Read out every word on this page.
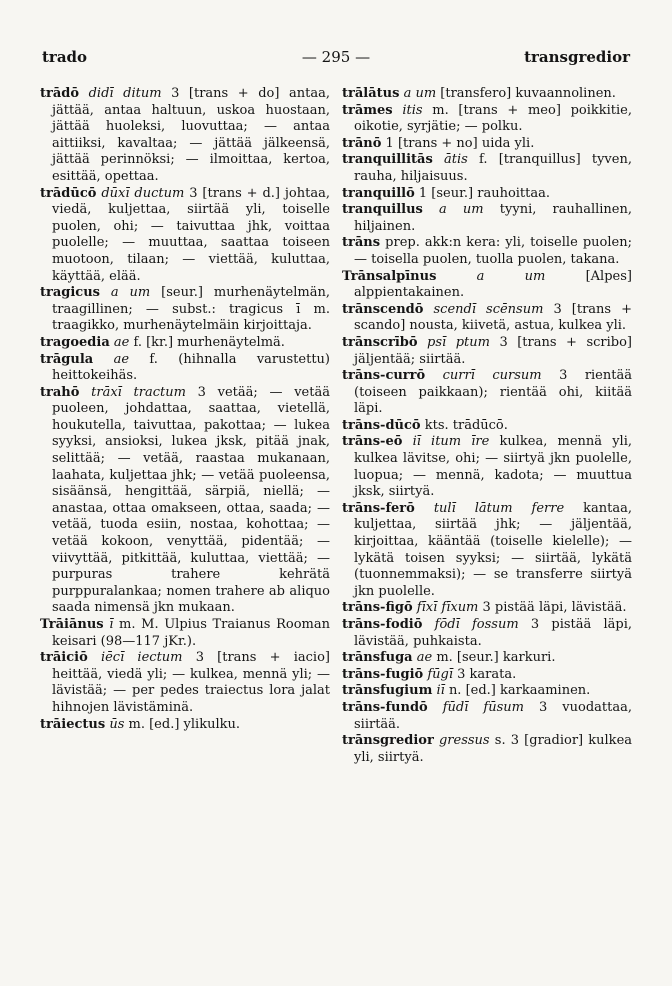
trado	— 295 —	transgredior

trādō didī ditum 3 [trans + do] antaa, jättää, antaa haltuun, uskoa huostaan, jättää huoleksi, luovuttaa; — antaa aittiiksi, kavaltaa; — jättää jälkeensä, jättää perinnöksi; — ilmoittaa, kertoa, esittää, opettaa.

trādūcō dūxī ductum 3 [trans + d.] johtaa, viedä, kuljettaa, siirtää yli, toiselle puolen, ohi; — taivuttaa jhk, voittaa puolelle; — muuttaa, saattaa toiseen muotoon, tilaan; — viettää, kuluttaa, käyttää, elää.

tragicus a um [seur.] murhenäytelmän, traagillinen; — subst.: tragicus ī m. traagikko, murhenäytelmäin kirjoittaja.

tragoedia ae f. [kr.] murhenäytelmä.

trāgula ae f. (hihnalla varustettu) heittokeihäs.

trahō trāxī tractum 3 vetää; — vetää puoleen, johdattaa, saattaa, vietellä, houkutella, taivuttaa, pakottaa; — lukea syyksi, ansioksi, lukea jksk, pitää jnak, selittää; — vetää, raastaa mukanaan, laahata, kuljettaa jhk; — vetää puoleensa, sisäänsä, hengittää, särpiä, niellä; — anastaa, ottaa omakseen, ottaa, saada; — vetää, tuoda esiin, nostaa, kohottaa; — vetää kokoon, venyttää, pidentää; — viivyttää, pitkittää, kuluttaa, viettää; — purpuras trahere kehrätä purppuralankaa; nomen trahere ab aliquo saada nimensä jkn mukaan.

Trāiānus ī m. M. Ulpius Traianus Rooman keisari (98—117 jKr.).

trāiciō iēcī iectum 3 [trans + iacio] heittää, viedä yli; — kulkea, mennä yli; — lävistää; — per pedes traiectus lora jalat hihnojen lävistäminä.

trāiectus ūs m. [ed.] ylikulku.

trālātus a um [transfero] kuvaannolinen.

trāmes itis m. [trans + meo] poikkitie, oikotie, syrjätie; — polku.

trānō 1 [trans + no] uida yli.

tranquillitās ātis f. [tranquillus] tyven, rauha, hiljaisuus.

tranquillō 1 [seur.] rauhoittaa.

tranquillus a um tyyni, rauhallinen, hiljainen.

trāns prep. akk:n kera: yli, toiselle puolen; — toisella puolen, tuolla puolen, takana.

Trānsalpīnus	a um	[Alpes] alppientakainen.

trānscendō scendī scēnsum 3 [trans + scando] nousta, kiivetä, astua, kulkea yli.

trānscrībō psī ptum 3 [trans + scribo] jäljentää; siirtää.

trāns-currō currī cursum 3 rientää (toiseen paikkaan); rientää ohi, kiitää läpi.

trāns-dūcō kts. trādūcō.

trāns-eō iī itum īre kulkea, mennä yli, kulkea lävitse, ohi; — siirtyä jkn puolelle, luopua; — mennä, kadota; — muuttua jksk, siirtyä.

trāns-ferō tulī lātum ferre kantaa, kuljettaa, siirtää jhk; — jäljentää, kirjoittaa, kääntää (toiselle kielelle); — lykätä toisen syyksi; — siirtää, lykätä (tuonnemmaksi); — se transferre siirtyä jkn puolelle.

trāns-figō fīxī fīxum 3 pistää läpi, lävistää.

trāns-fodiō fōdī fossum 3 pistää läpi, lävistää, puhkaista.

trānsfuga ae m. [seur.] karkuri.

trāns-fugiō fūgī 3 karata.

trānsfugium iī n. [ed.] karkaaminen.

trāns-fundō fūdī fūsum 3 vuodattaa, siirtää.

trānsgredior gressus s. 3 [gradior] kulkea yli, siirtyä.
